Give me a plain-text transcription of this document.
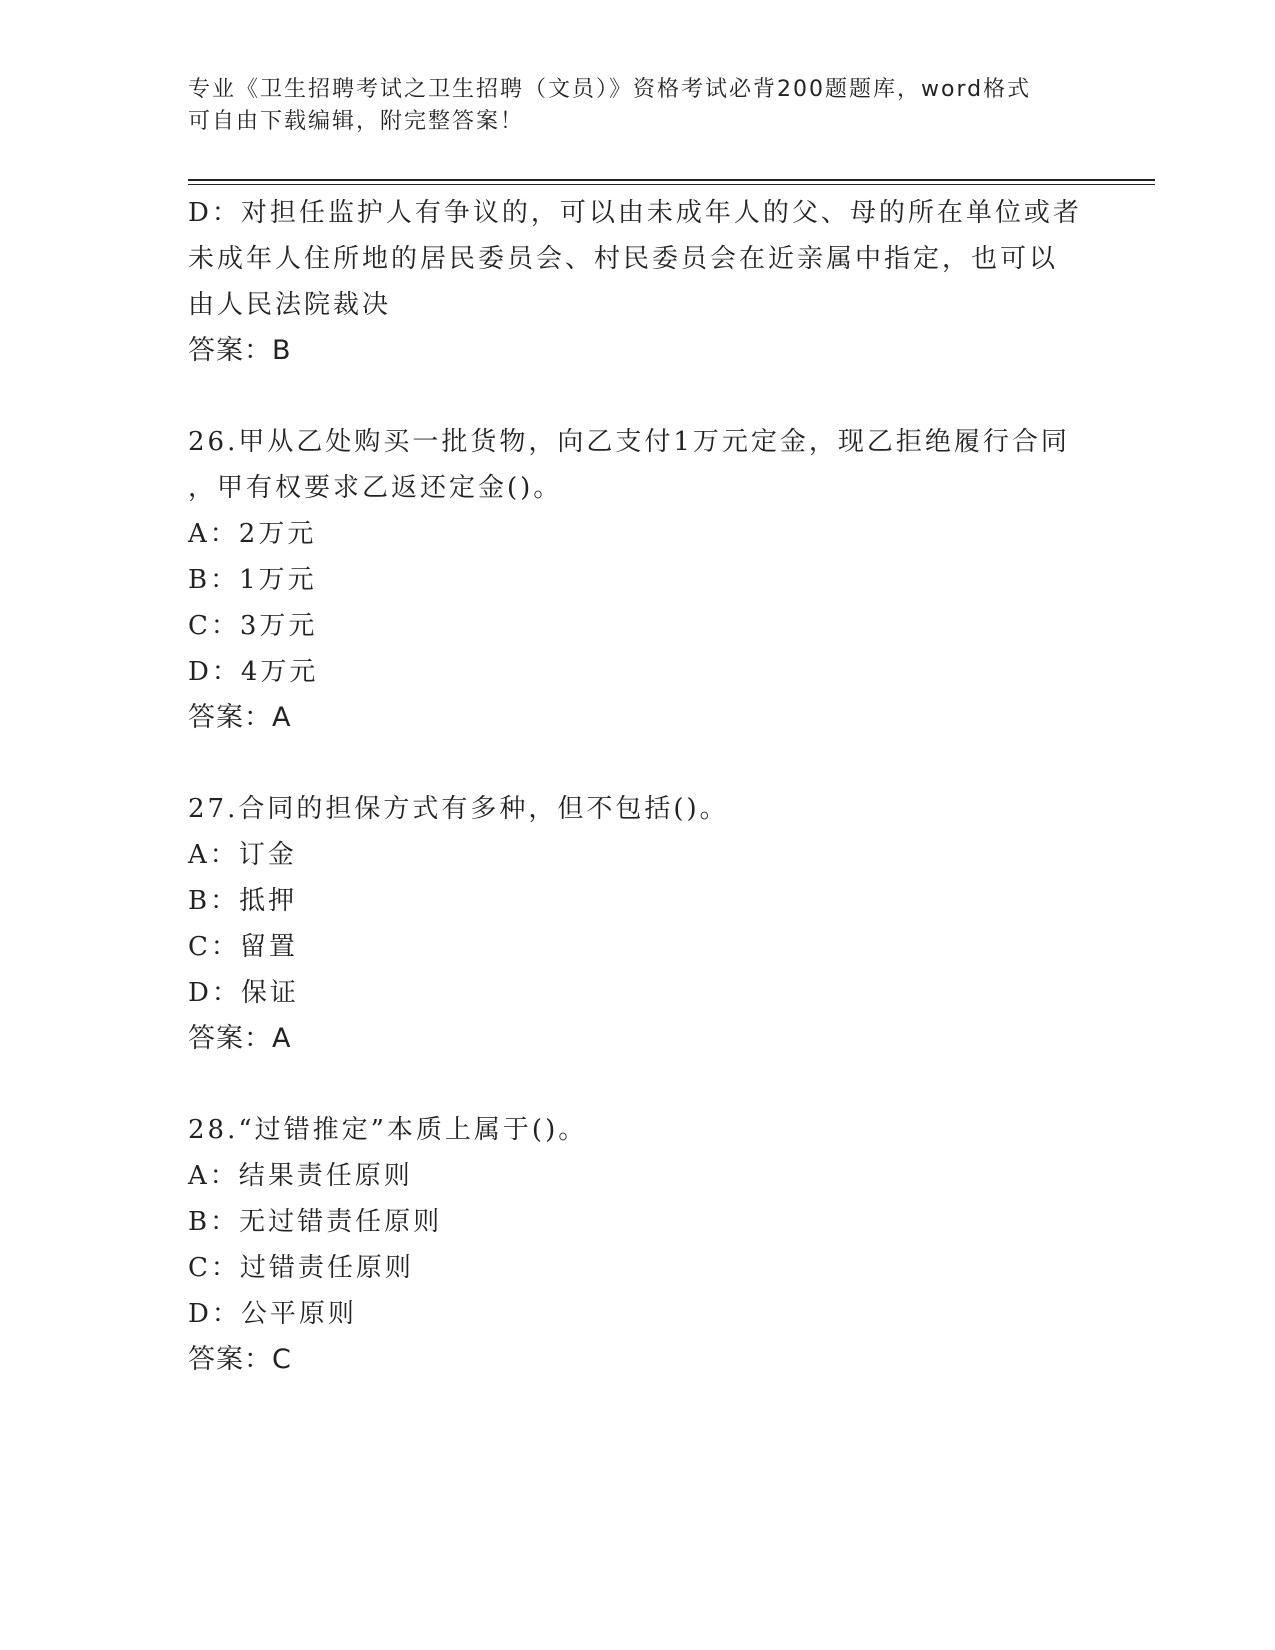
专业《卫生招聘考试之卫生招聘（文员）》资格考试必背200题题库，word格式
可自由下载编辑，附完整答案！
D：对担任监护人有争议的，可以由未成年人的父、母的所在单位或者
未成年人住所地的居民委员会、村民委员会在近亲属中指定，也可以
由人民法院裁决
答案：B
26.甲从乙处购买一批货物，向乙支付1万元定金，现乙拒绝履行合同
，甲有权要求乙返还定金()。
A：2万元
B：1万元
C：3万元
D：4万元
答案：A
27.合同的担保方式有多种，但不包括()。
A：订金
B：抵押
C：留置
D：保证
答案：A
28.“过错推定”本质上属于()。
A：结果责任原则
B：无过错责任原则
C：过错责任原则
D：公平原则
答案：C
